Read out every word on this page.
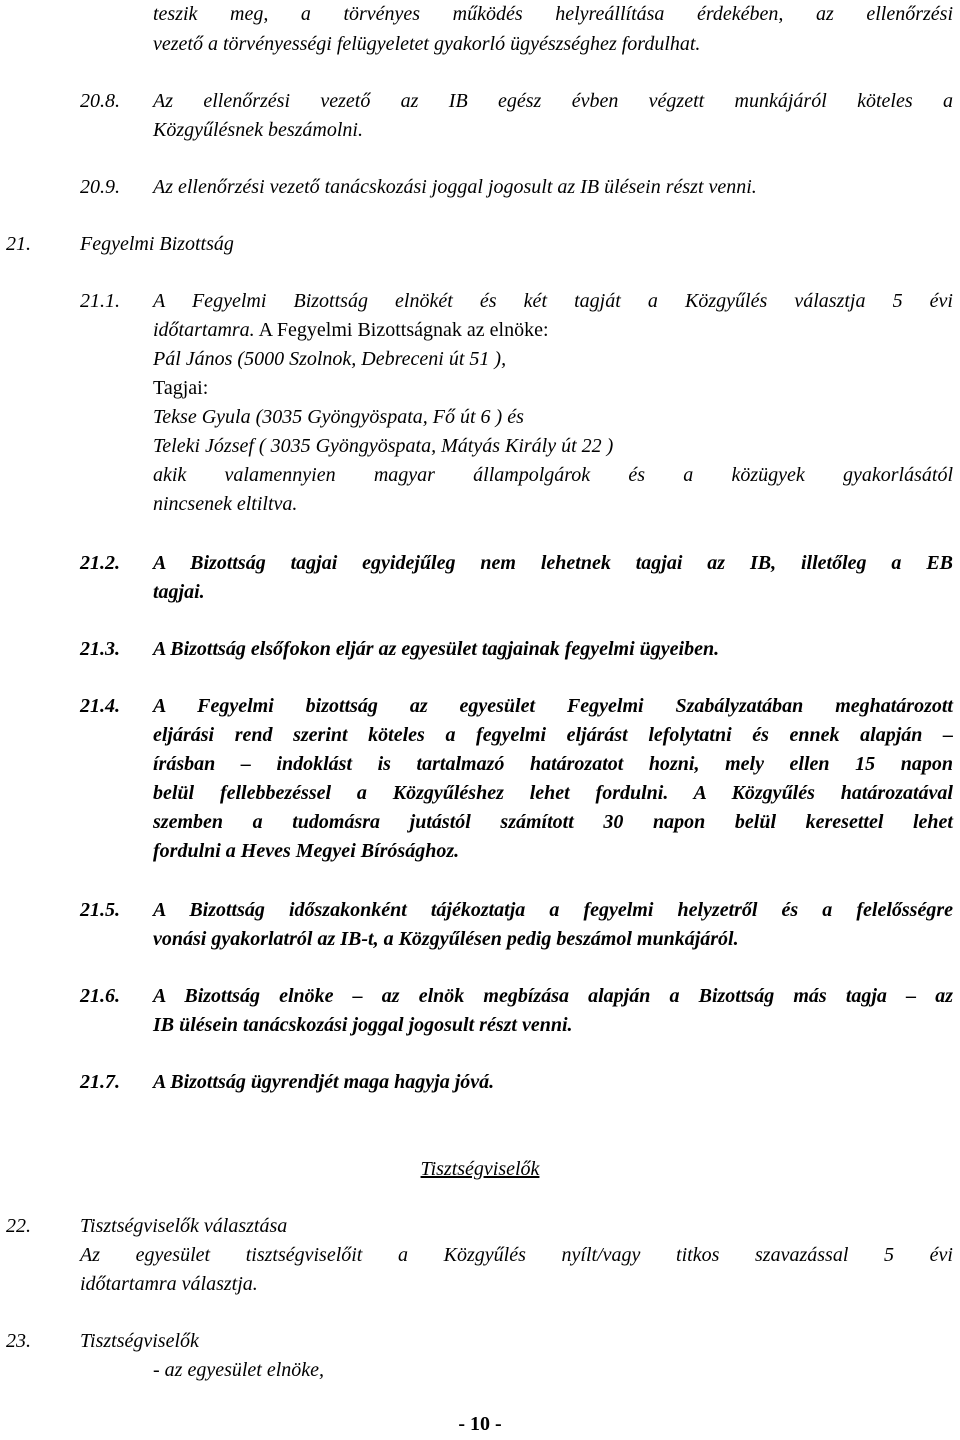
teszik meg, a törvényes működés helyreállítása érdekében, az ellenőrzési
vezető a törvényességi felügyeletet gyakorló ügyészséghez fordulhat.
20.8. Az ellenőrzési vezető az IB egész évben végzett munkájáról köteles a
Közgyűlésnek beszámolni.
20.9. Az ellenőrzési vezető tanácskozási joggal jogosult az IB ülésein részt venni.
21. Fegyelmi Bizottság
21.1. A Fegyelmi Bizottság elnökét és két tagját a Közgyűlés választja 5 évi
időtartamra. A Fegyelmi Bizottságnak az elnöke:
Pál János (5000 Szolnok, Debreceni út 51 ),
Tagjai:
Tekse Gyula (3035 Gyöngyöspata, Fő út 6 ) és
Teleki József ( 3035 Gyöngyöspata, Mátyás Király út 22 )
akik valamennyien magyar állampolgárok és a közügyek gyakorlásától
nincsenek eltiltva.
21.2. A Bizottság tagjai egyidejűleg nem lehetnek tagjai az IB, illetőleg a EB
tagjai.
21.3. A Bizottság elsőfokon eljár az egyesület tagjainak fegyelmi ügyeiben.
21.4. A Fegyelmi bizottság az egyesület Fegyelmi Szabályzatában meghatározott
eljárási rend szerint köteles a fegyelmi eljárást lefolytatni és ennek alapján –
írásban – indoklást is tartalmazó határozatot hozni, mely ellen 15 napon
belül fellebbezéssel a Közgyűléshez lehet fordulni. A Közgyűlés határozatával
szemben a tudomásra jutástól számított 30 napon belül keresettel lehet
fordulni a Heves Megyei Bírósághoz.
21.5. A Bizottság időszakonként tájékoztatja a fegyelmi helyzetről és a felelősségre
vonási gyakorlatról az IB-t, a Közgyűlésen pedig beszámol munkájáról.
21.6. A Bizottság elnöke – az elnök megbízása alapján a Bizottság más tagja – az
IB ülésein tanácskozási joggal jogosult részt venni.
21.7. A Bizottság ügyrendjét maga hagyja jóvá.
Tisztségviselők
22. Tisztségviselők választása
Az egyesület tisztségviselőit a Közgyűlés nyílt/vagy titkos szavazással 5 évi
időtartamra választja.
23. Tisztségviselők
- az egyesület elnöke,
- 10 -
